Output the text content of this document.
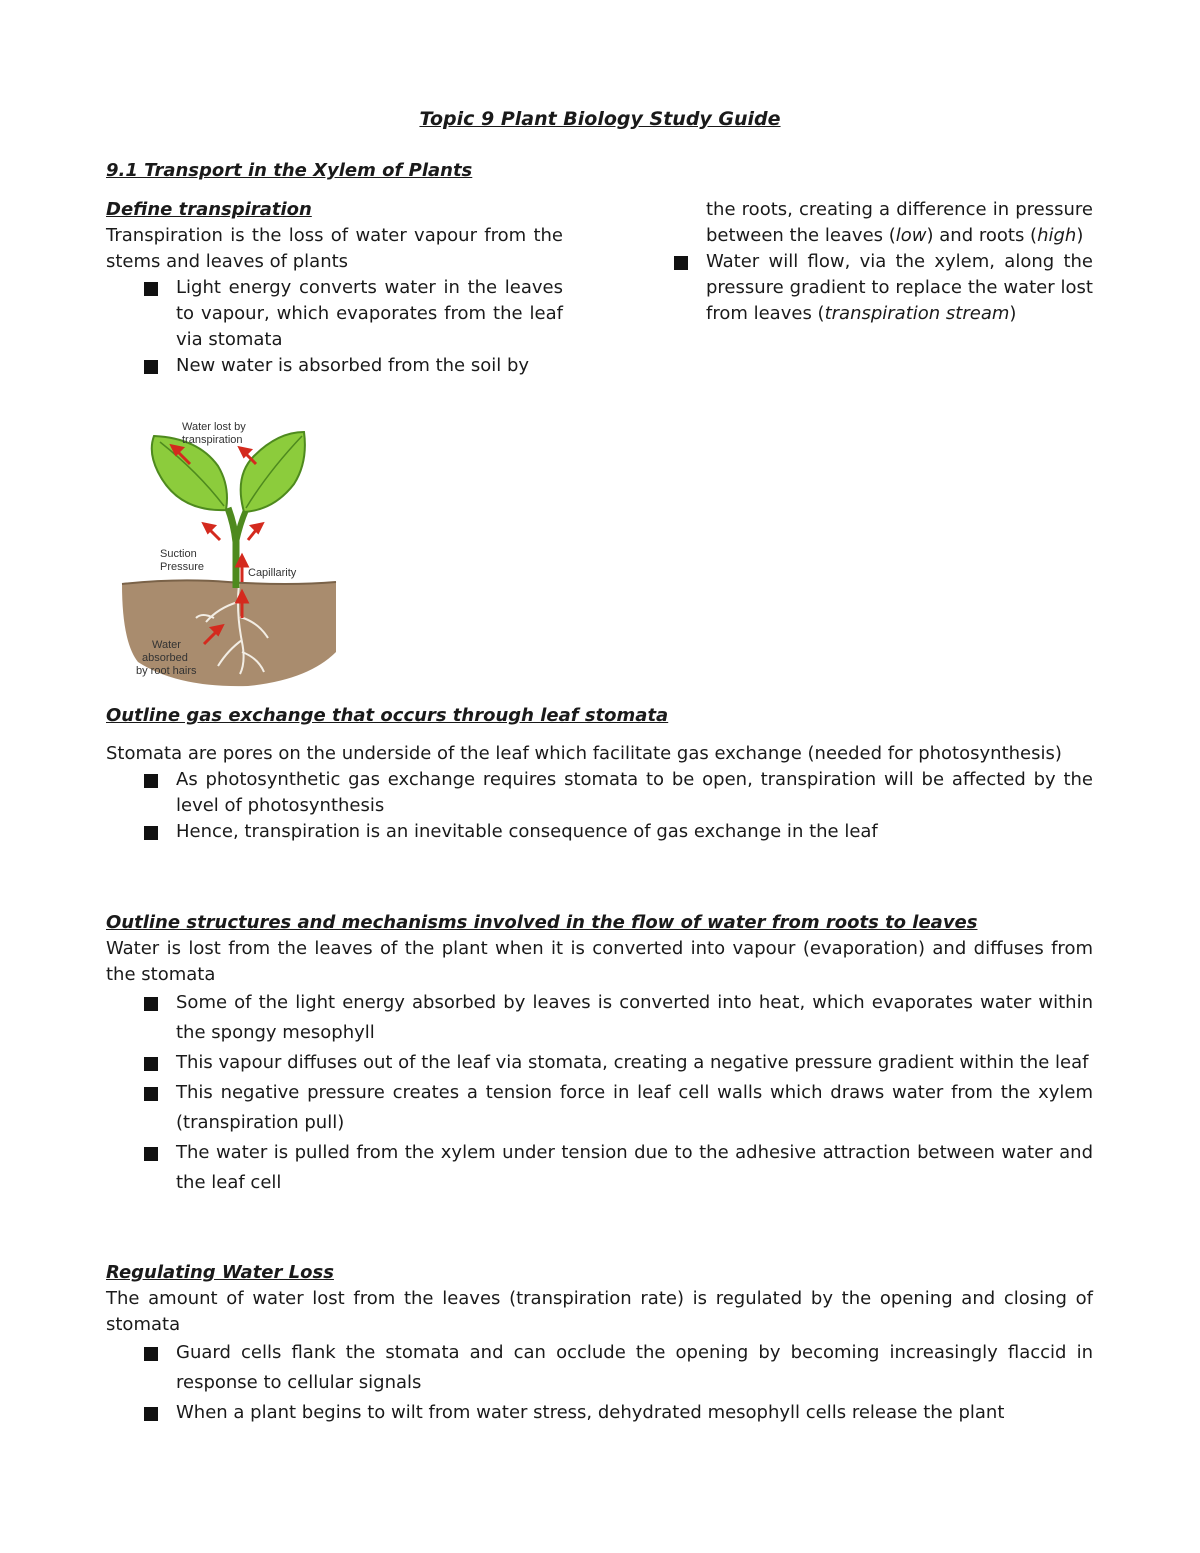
Topic 9 Plant Biology Study Guide
9.1 Transport in the Xylem of Plants

Define transpiration

Transpiration is the loss of water vapour from the stems and leaves of plants

Light energy converts water in the leaves to vapour, which evaporates from the leaf via stomata
New water is absorbed from the soil by
the roots, creating a difference in pressure between the leaves (low) and roots (high)
Water will flow, via the xylem, along the pressure gradient to replace the water lost from leaves (transpiration stream)
Water lost by
transpiration
Suction
Pressure	Capillarity
Water
absorbed
by root hairs

Outline gas exchange that occurs through leaf stomata

Stomata are pores on the underside of the leaf which facilitate gas exchange (needed for photosynthesis)

As photosynthetic gas exchange requires stomata to be open, transpiration will be affected by the level of photosynthesis
Hence, transpiration is an inevitable consequence of gas exchange in the leaf

Outline structures and mechanisms involved in the flow of water from roots to leaves

Water is lost from the leaves of the plant when it is converted into vapour (evaporation) and diffuses from the stomata

Some of the light energy absorbed by leaves is converted into heat, which evaporates water within the spongy mesophyll
This vapour diffuses out of the leaf via stomata, creating a negative pressure gradient within the leaf
This negative pressure creates a tension force in leaf cell walls which draws water from the xylem (transpiration pull)
The water is pulled from the xylem under tension due to the adhesive attraction between water and the leaf cell

Regulating Water Loss

The amount of water lost from the leaves (transpiration rate) is regulated by the opening and closing of stomata

Guard cells flank the stomata and can occlude the opening by becoming increasingly flaccid in response to cellular signals
When a plant begins to wilt from water stress, dehydrated mesophyll cells release the plant
